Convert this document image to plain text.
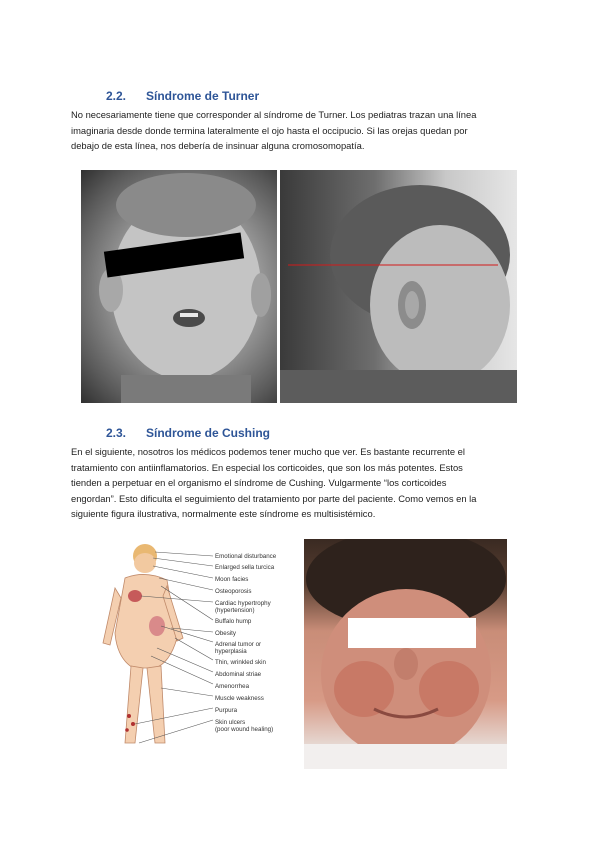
2.2. Síndrome de Turner
No necesariamente tiene que corresponder al síndrome de Turner. Los pediatras trazan una línea
imaginaria desde donde termina lateralmente el ojo hasta el occipucio. Si las orejas quedan por
debajo de esta línea, nos debería de insinuar alguna cromosomopatía.
2.3. Síndrome de Cushing
En el siguiente, nosotros los médicos podemos tener mucho que ver. Es bastante recurrente el
tratamiento con antiinflamatorios. En especial los corticoides, que son los más potentes. Estos
tienden a perpetuar en el organismo el síndrome de Cushing. Vulgarmente “los corticoides
engordan”. Esto dificulta el seguimiento del tratamiento por parte del paciente. Como vemos en la
siguiente figura ilustrativa, normalmente este síndrome es multisistémico.
Emotional disturbance
Enlarged sella turcica
Moon facies
Osteoporosis
Cardiac hypertrophy
(hypertension)
Buffalo hump
Obesity
Adrenal tumor or
hyperplasia
Thin, wrinkled skin
Abdominal striae
Amenorrhea
Muscle weakness
Purpura
Skin ulcers
(poor wound healing)
